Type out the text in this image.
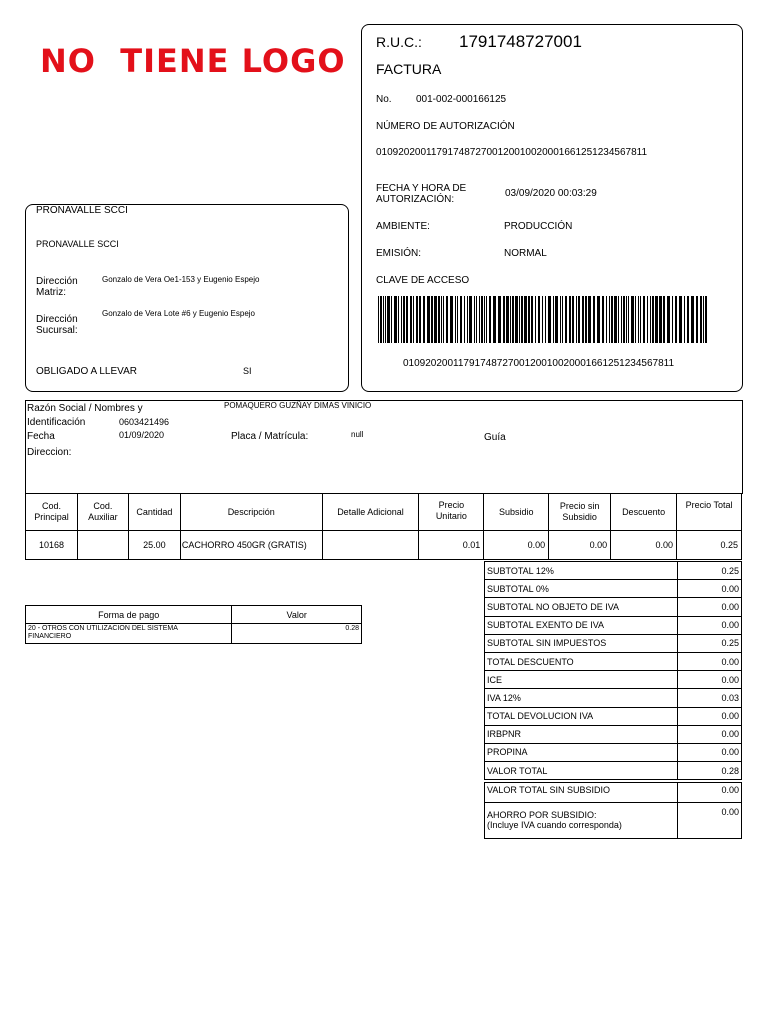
NO  TIENE LOGO R.U.C.: 1791748727001
FACTURA
No. 001-002-000166125
NÚMERO DE AUTORIZACIÓN
0109202001179174872700120010020001661251234567811
FECHA Y HORA DE
AUTORIZACIÓN:
03/09/2020 00:03:29
AMBIENTE:	PRODUCCIÓN
EMISIÓN:	NORMAL
CLAVE DE ACCESO
0109202001179174872700120010020001661251234567811
PRONAVALLE SCCI
PRONAVALLE SCCI
Dirección
Matriz:
Gonzalo de Vera Oe1-153 y Eugenio Espejo
Dirección
Sucursal:
Gonzalo de Vera Lote #6 y Eugenio Espejo
OBLIGADO A LLEVAR	SI
Razón Social / Nombres y	POMAQUERO GUZÑAY DIMAS VINICIO
Identificación	0603421496
Fecha	01/09/2020	Placa / Matrícula:	null	Guía
Direccion:
Cod. Principal	Cod. Auxiliar	Cantidad	Descripción	Detalle Adicional	Precio Unitario	Subsidio	Precio sin Subsidio	Descuento	Precio Total
10168		25.00	CACHORRO 450GR (GRATIS)		0.01	0.00	0.00	0.00	0.25
SUBTOTAL 12%	0.25
SUBTOTAL 0%	0.00
SUBTOTAL NO OBJETO DE IVA	0.00
SUBTOTAL EXENTO DE IVA	0.00
SUBTOTAL SIN IMPUESTOS	0.25
TOTAL DESCUENTO	0.00
ICE	0.00
IVA 12%	0.03
TOTAL DEVOLUCION IVA	0.00
IRBPNR	0.00
PROPINA	0.00
VALOR TOTAL	0.28
VALOR TOTAL SIN SUBSIDIO	0.00

AHORRO POR SUBSIDIO:
(Incluye IVA cuando corresponda)	0.00
Forma de pago	Valor

20 - OTROS CON UTILIZACION DEL SISTEMA
FINANCIERO	0.28
